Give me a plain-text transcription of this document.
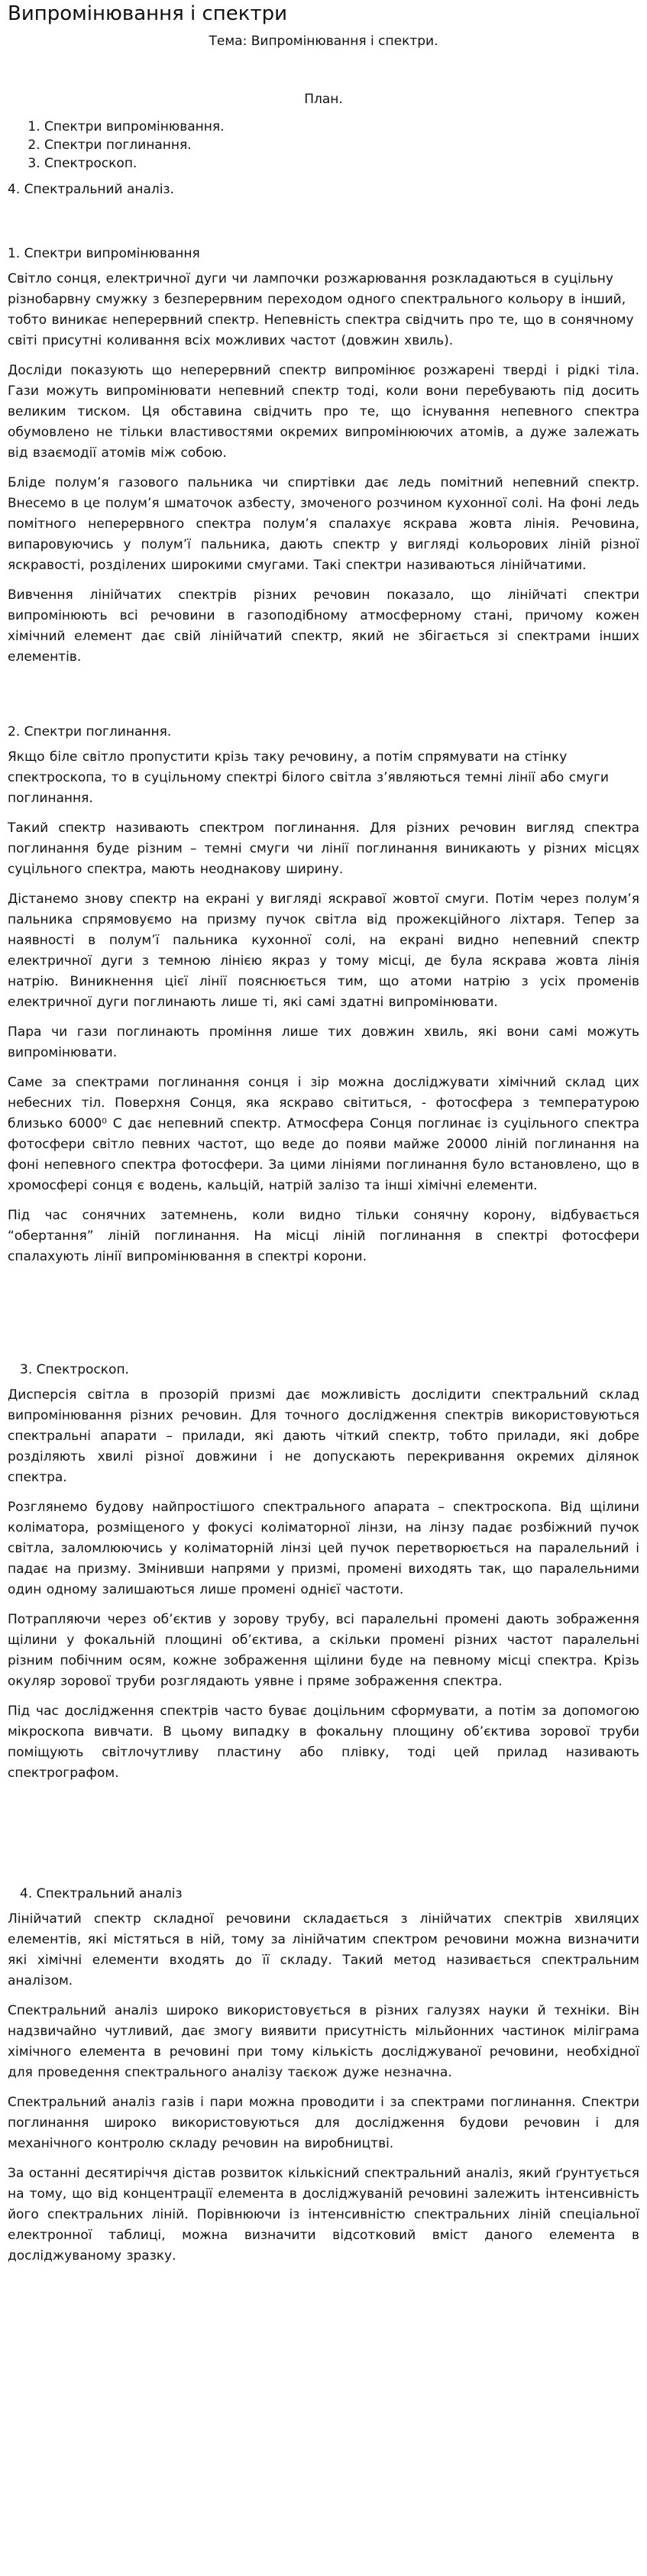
Випромінювання і спектри
Тема: Випромінювання і спектри.
План.
1. Спектри випромінювання.
2. Спектри поглинання.
3. Спектроскоп.
4. Спектральний аналіз.
1. Спектри випромінювання

Світло сонця, електричної дуги чи лампочки розжарювання розкладаються в суцільну різнобарвну смужку з безперервним переходом одного спектрального кольору в інший, тобто виникає неперервний спектр. Непевність спектра свідчить про те, що в сонячному світі присутні коливання всіх можливих частот (довжин хвиль).

Досліди показують що неперервний спектр випромінює розжарені тверді і рідкі тіла. Гази можуть випромінювати непевний спектр тоді, коли вони перебувають під досить великим тиском. Ця обставина свідчить про те, що існування непевного спектра обумовлено не тільки властивостями окремих випромінюючих атомів, а дуже залежать від взаємодії атомів між собою.

Бліде полум’я газового пальника чи спиртівки дає ледь помітний непевний спектр. Внесемо в це полум’я шматочок азбесту, змоченого розчином кухонної солі. На фоні ледь помітного неперервного спектра полум’я спалахує яскрава жовта лінія. Речовина, випаровуючись у полум’ї пальника, дають спектр у вигляді кольорових ліній різної яскравості, розділених широкими смугами. Такі спектри називаються лінійчатими.

Вивчення лінійчатих спектрів різних речовин показало, що лінійчаті спектри випромінюють всі речовини в газоподібному атмосферному стані, причому кожен хімічний елемент дає свій лінійчатий спектр, який не збігається зі спектрами інших елементів.

2. Спектри поглинання.

Якщо біле світло пропустити крізь таку речовину, а потім спрямувати на стінку спектроскопа, то в суцільному спектрі білого світла з’являються темні лінії або смуги поглинання.

Такий спектр називають спектром поглинання. Для різних речовин вигляд спектра поглинання буде різним – темні смуги чи лінії поглинання виникають у різних місцях суцільного спектра, мають неоднакову ширину.

Дістанемо знову спектр на екрані у вигляді яскравої жовтої смуги. Потім через полум’я пальника спрямовуємо на призму пучок світла від прожекційного ліхтаря. Тепер за наявності в полум’ї пальника кухонної солі, на екрані видно непевний спектр електричної дуги з темною лінією якраз у тому місці, де була яскрава жовта лінія натрію. Виникнення цієї лінії пояснюється тим, що атоми натрію з усіх променів електричної дуги поглинають лише ті, які самі здатні випромінювати.

Пара чи гази поглинають проміння лише тих довжин хвиль, які вони самі можуть випромінювати.

Саме за спектрами поглинання сонця і зір можна досліджувати хімічний склад цих небесних тіл. Поверхня Сонця, яка яскраво світиться, - фотосфера з температурою близько 6000⁰ С дає непевний спектр. Атмосфера Сонця поглинає із суцільного спектра фотосфери світло певних частот, що веде до появи майже 20000 ліній поглинання на фоні непевного спектра фотосфери. За цими лініями поглинання було встановлено, що в хромосфері сонця є водень, кальцій, натрій залізо та інші хімічні елементи.

Під час сонячних затемнень, коли видно тільки сонячну корону, відбувається “обертання” ліній поглинання. На місці ліній поглинання в спектрі фотосфери спалахують лінії випромінювання в спектрі корони.

3. Спектроскоп.

Дисперсія світла в прозорій призмі дає можливість дослідити спектральний склад випромінювання різних речовин. Для точного дослідження спектрів використовуються спектральні апарати – прилади, які дають чіткий спектр, тобто прилади, які добре розділяють хвилі різної довжини і не допускають перекривання окремих ділянок спектра.

Розглянемо будову найпростішого спектрального апарата – спектроскопа. Від щілини коліматора, розміщеного у фокусі коліматорної лінзи, на лінзу падає розбіжний пучок світла, заломлюючись у коліматорній лінзі цей пучок перетворюється на паралельний і падає на призму. Змінивши напрями у призмі, промені виходять так, що паралельними один одному залишаються лише промені однієї частоти.

Потрапляючи через об’єктив у зорову трубу, всі паралельні промені дають зображення щілини у фокальній площині об’єктива, а скільки промені різних частот паралельні різним побічним осям, кожне зображення щілини буде на певному місці спектра. Крізь окуляр зорової труби розглядають уявне і пряме зображення спектра.

Під час дослідження спектрів часто буває доцільним сформувати, а потім за допомогою мікроскопа вивчати. В цьому випадку в фокальну площину об’єктива зорової труби поміщують світлочутливу пластину або плівку, тоді цей прилад називають спектрографом.

4. Спектральний аналіз

Лінійчатий спектр складної речовини складається з лінійчатих спектрів хвиляцих елементів, які містяться в ній, тому за лінійчатим спектром речовини можна визначити які хімічні елементи входять до її складу. Такий метод називається спектральним аналізом.

Спектральний аналіз широко використовується в різних галузях науки й техніки. Він надзвичайно чутливий, дає змогу виявити присутність мільйонних частинок мілiграма хімічного елемента в речовині при тому кількість досліджуваної речовини, необхідної для проведення спектрального аналізу таєкож дуже незначна.

Спектральний аналіз газів і пари можна проводити і за спектрами поглинання. Спектри поглинання широко використовуються для дослідження будови речовин і для механічного контролю складу речовин на виробництві.

За останні десятиріччя дістав розвиток кількісний спектральний аналіз, який ґрунтується на тому, що від концентрації елемента в досліджуваній речовині залежить інтенсивність його спектральних ліній. Порівнюючи із інтенсивністю спектральних ліній спеціальної електронної таблиці, можна визначити відсотковий вміст даного елемента в досліджуваному зразку.
